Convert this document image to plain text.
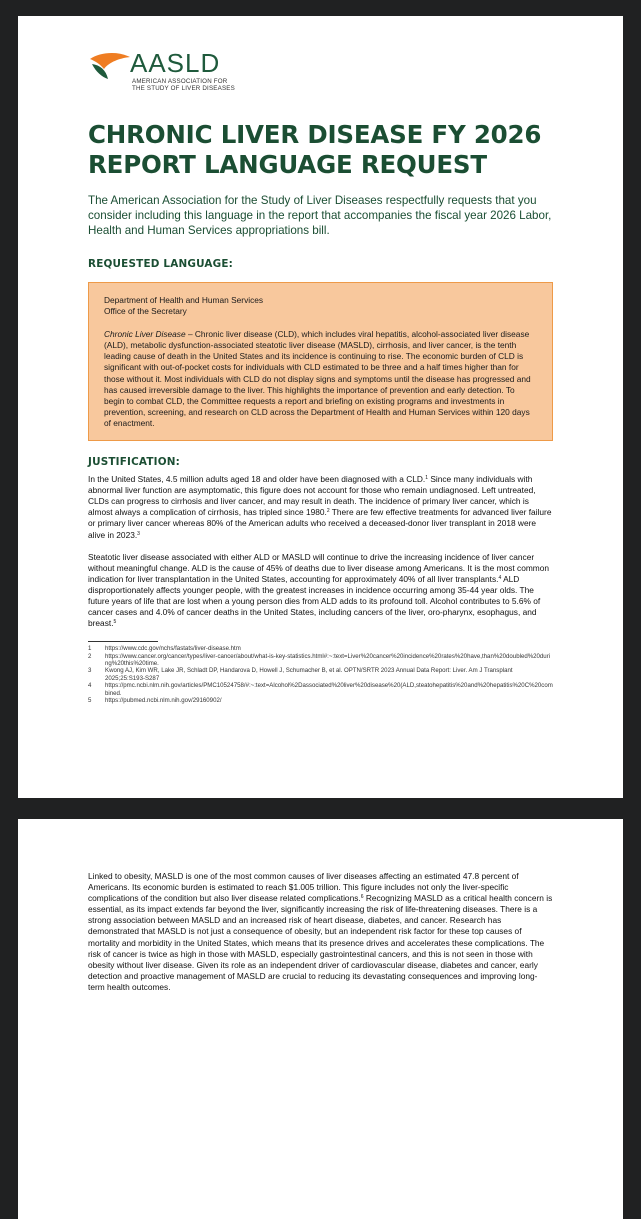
AASLD
AMERICAN ASSOCIATION FOR
THE STUDY OF LIVER DISEASES
CHRONIC LIVER DISEASE FY 2026
REPORT LANGUAGE REQUEST

The American Association for the Study of Liver Diseases respectfully requests that you consider including this language in the report that accompanies the fiscal year 2026 Labor, Health and Human Services appropriations bill.

REQUESTED LANGUAGE:

Department of Health and Human Services
Office of the Secretary

Chronic Liver Disease – Chronic liver disease (CLD), which includes viral hepatitis, alcohol-associated liver disease (ALD), metabolic dysfunction-associated steatotic liver disease (MASLD), cirrhosis, and liver cancer, is the tenth leading cause of death in the United States and its incidence is continuing to rise. The economic burden of CLD is significant with out-of-pocket costs for individuals with CLD estimated to be three and a half times higher than for those without it. Most individuals with CLD do not display signs and symptoms until the disease has progressed and has caused irreversible damage to the liver. This highlights the importance of prevention and early detection. To begin to combat CLD, the Committee requests a report and briefing on existing programs and investments in prevention, screening, and research on CLD across the Department of Health and Human Services within 120 days of enactment.

JUSTIFICATION:

In the United States, 4.5 million adults aged 18 and older have been diagnosed with a CLD.$^1$ Since many individuals with abnormal liver function are asymptomatic, this figure does not account for those who remain undiagnosed. Left untreated, CLDs can progress to cirrhosis and liver cancer, and may result in death. The incidence of primary liver cancer, which is almost always a complication of cirrhosis, has tripled since 1980.$^2$ There are few effective treatments for advanced liver failure or primary liver cancer whereas 80% of the American adults who received a deceased-donor liver transplant in 2018 were alive in 2023.$^3$

Steatotic liver disease associated with either ALD or MASLD will continue to drive the increasing incidence of liver cancer without meaningful change. ALD is the cause of 45% of deaths due to liver disease among Americans. It is the most common indication for liver transplantation in the United States, accounting for approximately 40% of all liver transplants.$^4$ ALD disproportionately affects younger people, with the greatest increases in incidence occurring among 35-44 year olds. The future years of life that are lost when a young person dies from ALD adds to its profound toll. Alcohol contributes to 5.6% of cancer cases and 4.0% of cancer deaths in the United States, including cancers of the liver, oro-pharynx, esophagus, and breast.$^5$

1	https://www.cdc.gov/nchs/fastats/liver-disease.htm
2	https://www.cancer.org/cancer/types/liver-cancer/about/what-is-key-statistics.html#:~:text=Liver%20cancer%20incidence%20rates%20have,than%20doubled%20during%20this%20time.
3	Kwong AJ, Kim WR, Lake JR, Schladt DP, Handarova D, Howell J, Schumacher B, et al. OPTN/SRTR 2023 Annual Data Report: Liver. Am J Transplant 2025;25:S193-S287
4	https://pmc.ncbi.nlm.nih.gov/articles/PMC10524758/#:~:text=Alcohol%2Dassociated%20liver%20disease%20(ALD,steatohepatitis%20and%20hepatitis%20C%20combined.
5	https://pubmed.ncbi.nlm.nih.gov/29160902/

Linked to obesity, MASLD is one of the most common causes of liver diseases affecting an estimated 47.8 percent of Americans. Its economic burden is estimated to reach $1.005 trillion. This figure includes not only the liver-specific complications of the condition but also liver disease related complications.$^6$ Recognizing MASLD as a critical health concern is essential, as its impact extends far beyond the liver, significantly increasing the risk of life-threatening diseases. There is a strong association between MASLD and an increased risk of heart disease, diabetes, and cancer. Research has demonstrated that MASLD is not just a consequence of obesity, but an independent risk factor for these top causes of mortality and morbidity in the United States, which means that its presence drives and accelerates these complications. The risk of cancer is twice as high in those with MASLD, especially gastrointestinal cancers, and this is not seen in those with obesity without liver disease. Given its role as an independent driver of cardiovascular disease, diabetes and cancer, early detection and proactive management of MASLD are crucial to reducing its devastating consequences and improving long-term health outcomes.
